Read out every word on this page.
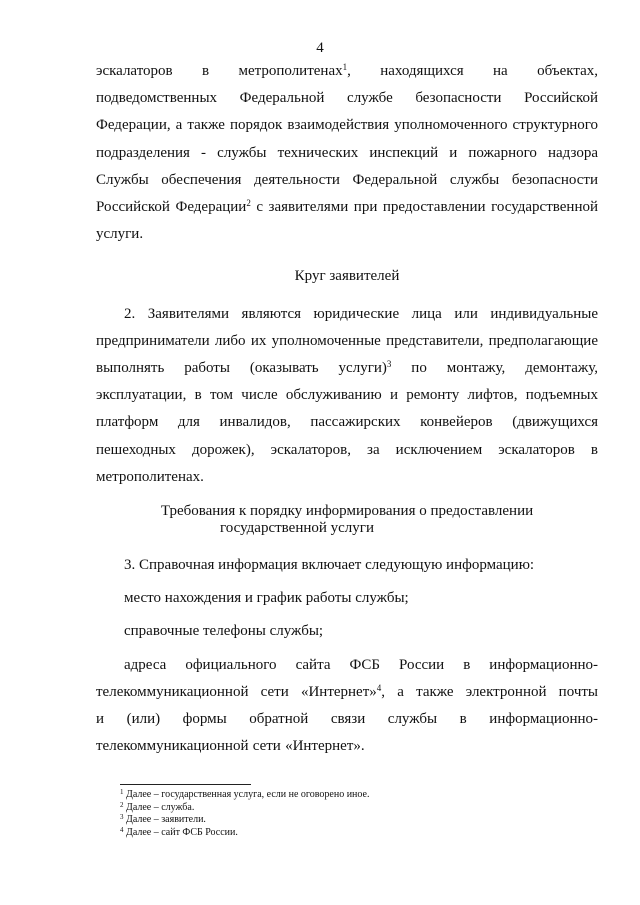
4

эскалаторов в метрополитенах$^1$, находящихся на объектах,
подведомственных Федеральной службе безопасности Российской
Федерации, а также порядок взаимодействия уполномоченного структурного
подразделения - службы технических инспекций и пожарного надзора
Службы обеспечения деятельности Федеральной службы безопасности
Российской Федерации$^2$ с заявителями при предоставлении государственной
услуги.

Круг заявителей

2. Заявителями являются юридические лица или индивидуальные
предприниматели либо их уполномоченные представители, предполагающие
выполнять работы (оказывать услуги)$^3$ по монтажу, демонтажу,
эксплуатации, в том числе обслуживанию и ремонту лифтов, подъемных
платформ для инвалидов, пассажирских конвейеров (движущихся
пешеходных дорожек), эскалаторов, за исключением эскалаторов в
метрополитенах.

Требования к порядку информирования о предоставлении
государственной услуги

3. Справочная информация включает следующую информацию:

место нахождения и график работы службы;

справочные телефоны службы;

адреса официального сайта ФСБ России в информационно-
телекоммуникационной сети «Интернет»$^4$, а также электронной почты
и (или) формы обратной связи службы в информационно-
телекоммуникационной сети «Интернет».

$^1$ Далее – государственная услуга, если не оговорено иное.
$^2$ Далее – служба.
$^3$ Далее – заявители.
$^4$ Далее – сайт ФСБ России.
